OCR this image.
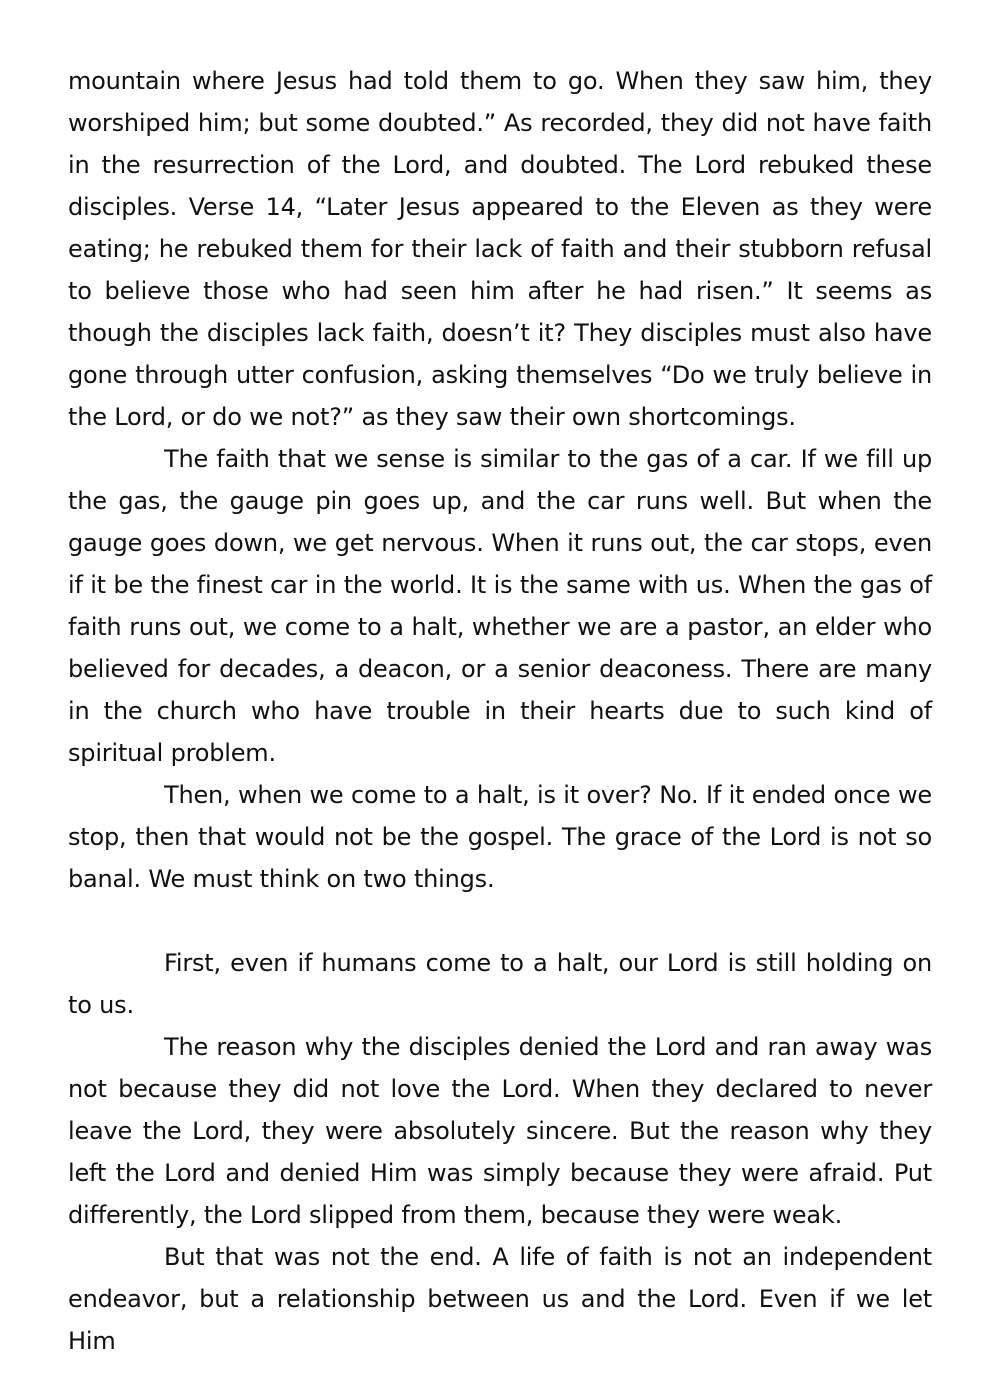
mountain where Jesus had told them to go. When they saw him, they worshiped him; but some doubted.” As recorded, they did not have faith in the resurrection of the Lord, and doubted. The Lord rebuked these disciples. Verse 14, “Later Jesus appeared to the Eleven as they were eating; he rebuked them for their lack of faith and their stubborn refusal to believe those who had seen him after he had risen.” It seems as though the disciples lack faith, doesn’t it? They disciples must also have gone through utter confusion, asking themselves “Do we truly believe in the Lord, or do we not?” as they saw their own shortcomings.

The faith that we sense is similar to the gas of a car. If we fill up the gas, the gauge pin goes up, and the car runs well. But when the gauge goes down, we get nervous. When it runs out, the car stops, even if it be the finest car in the world. It is the same with us. When the gas of faith runs out, we come to a halt, whether we are a pastor, an elder who believed for decades, a deacon, or a senior deaconess. There are many in the church who have trouble in their hearts due to such kind of spiritual problem.

Then, when we come to a halt, is it over? No. If it ended once we stop, then that would not be the gospel. The grace of the Lord is not so banal. We must think on two things.

First, even if humans come to a halt, our Lord is still holding on to us.

The reason why the disciples denied the Lord and ran away was not because they did not love the Lord. When they declared to never leave the Lord, they were absolutely sincere. But the reason why they left the Lord and denied Him was simply because they were afraid. Put differently, the Lord slipped from them, because they were weak.

But that was not the end. A life of faith is not an independent endeavor, but a relationship between us and the Lord. Even if we let Him
